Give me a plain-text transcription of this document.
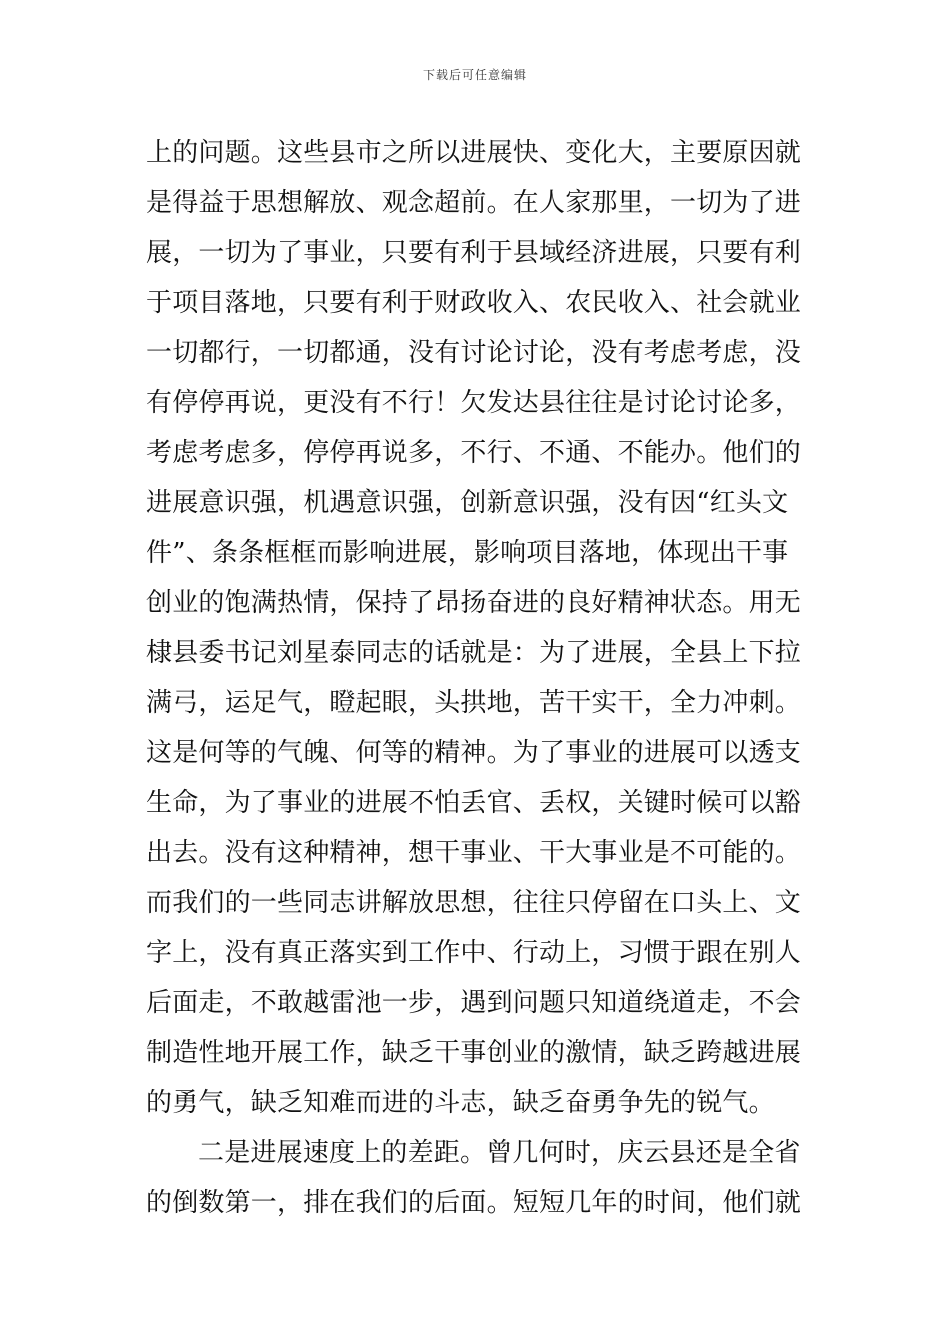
下载后可任意编辑
上的问题。这些县市之所以进展快、变化大，主要原因就
是得益于思想解放、观念超前。在人家那里，一切为了进
展，一切为了事业，只要有利于县域经济进展，只要有利
于项目落地，只要有利于财政收入、农民收入、社会就业
一切都行，一切都通，没有讨论讨论，没有考虑考虑，没
有停停再说，更没有不行！欠发达县往往是讨论讨论多，
考虑考虑多，停停再说多，不行、不通、不能办。他们的
进展意识强，机遇意识强，创新意识强，没有因“红头文
件”、条条框框而影响进展，影响项目落地，体现出干事
创业的饱满热情，保持了昂扬奋进的良好精神状态。用无
棣县委书记刘星泰同志的话就是：为了进展，全县上下拉
满弓，运足气，瞪起眼，头拱地，苦干实干，全力冲刺。
这是何等的气魄、何等的精神。为了事业的进展可以透支
生命，为了事业的进展不怕丢官、丢权，关键时候可以豁
出去。没有这种精神，想干事业、干大事业是不可能的。
而我们的一些同志讲解放思想，往往只停留在口头上、文
字上，没有真正落实到工作中、行动上，习惯于跟在别人
后面走，不敢越雷池一步，遇到问题只知道绕道走，不会
制造性地开展工作，缺乏干事创业的激情，缺乏跨越进展
的勇气，缺乏知难而进的斗志，缺乏奋勇争先的锐气。
二是进展速度上的差距。曾几何时，庆云县还是全省
的倒数第一，排在我们的后面。短短几年的时间，他们就
